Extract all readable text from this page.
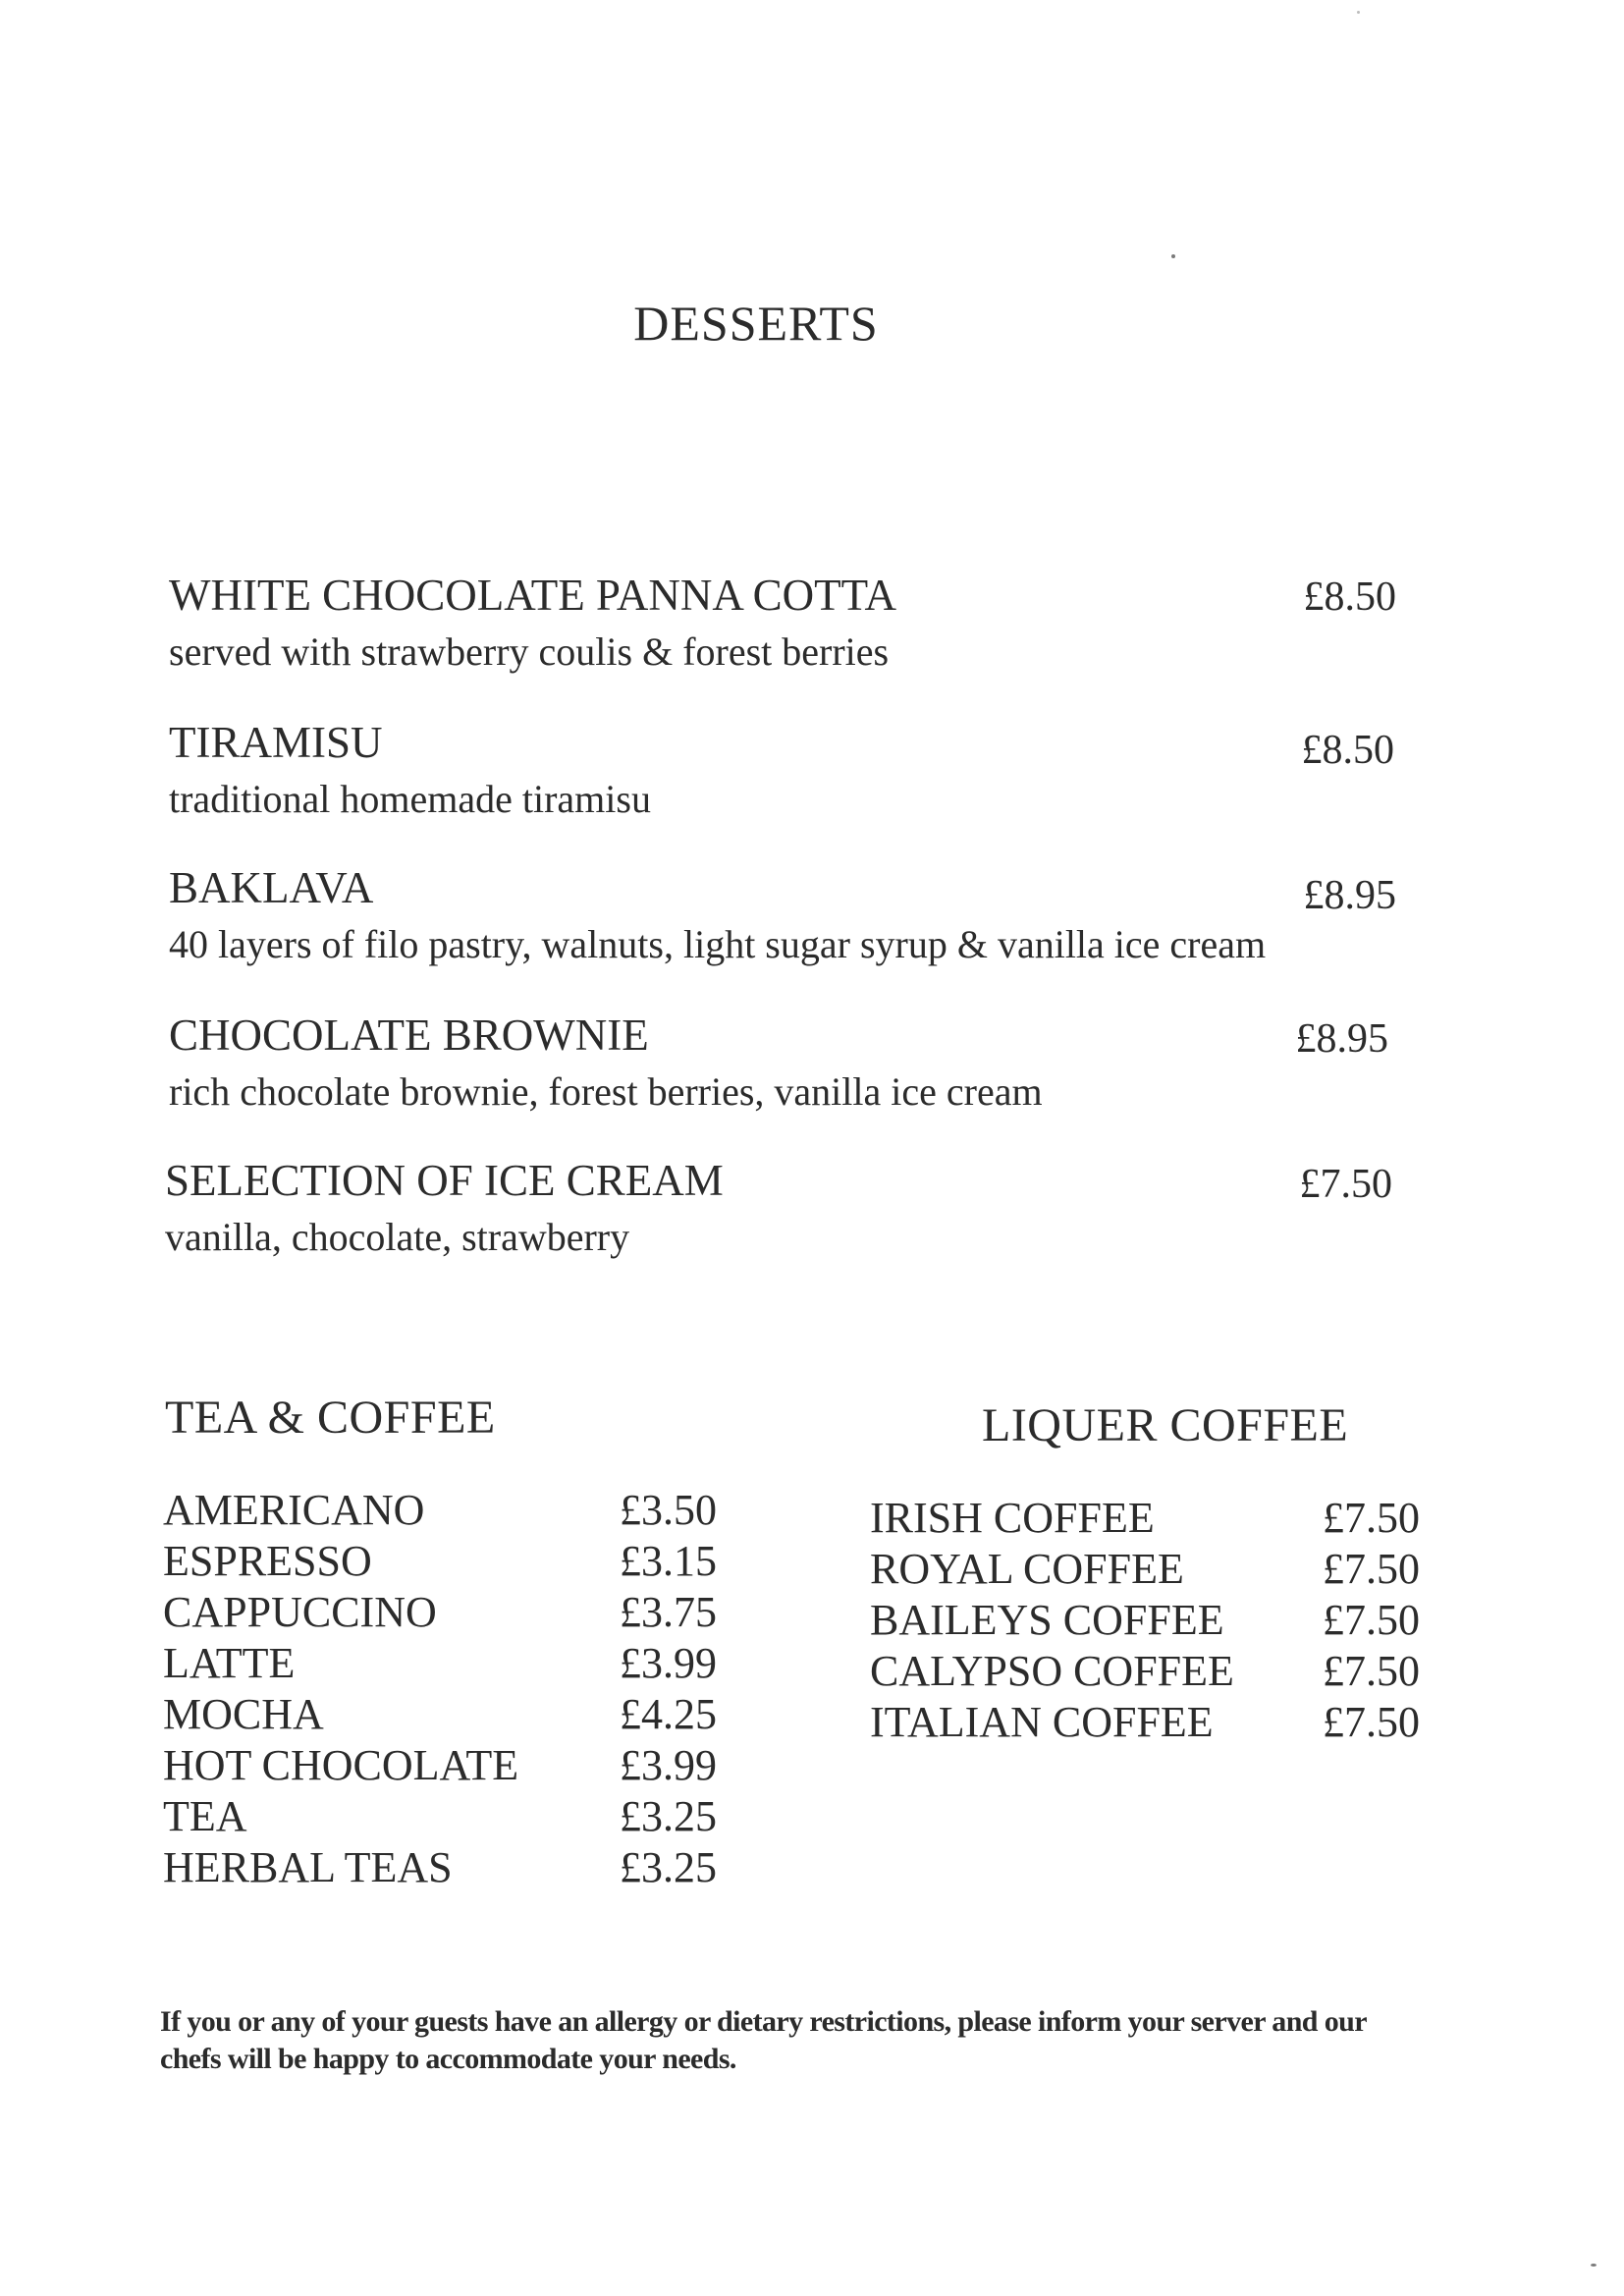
DESSERTS
WHITE CHOCOLATE PANNA COTTA
served with strawberry coulis & forest berries
£8.50
TIRAMISU
traditional homemade tiramisu
£8.50
BAKLAVA
40 layers of filo pastry, walnuts, light sugar syrup & vanilla ice cream
£8.95
CHOCOLATE BROWNIE
rich chocolate brownie, forest berries, vanilla ice cream
£8.95
SELECTION OF ICE CREAM
vanilla, chocolate, strawberry
£7.50
TEA & COFFEE
AMERICANO	£3.50
ESPRESSO	£3.15
CAPPUCCINO	£3.75
LATTE	£3.99
MOCHA	£4.25
HOT CHOCOLATE £3.99
TEA	£3.25
HERBAL TEAS	£3.25
LIQUER COFFEE
IRISH COFFEE	£7.50
ROYAL COFFEE	£7.50
BAILEYS COFFEE £7.50
CALYPSO COFFEE £7.50
ITALIAN COFFEE	£7.50
If you or any of your guests have an allergy or dietary restrictions, please inform your server and our chefs will be happy to accommodate your needs.
